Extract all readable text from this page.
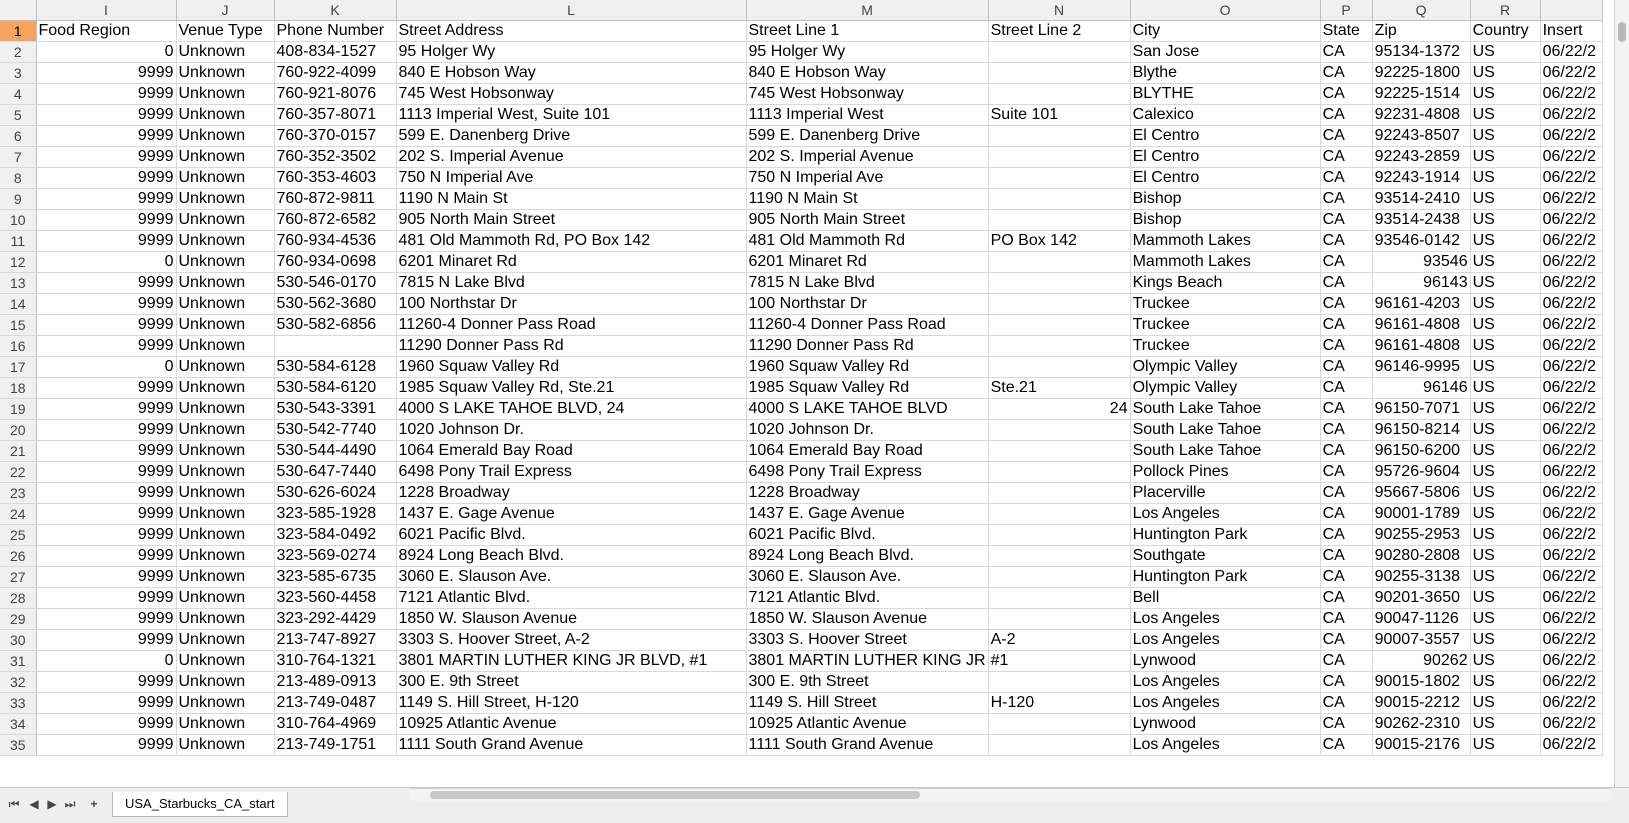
	I	J	K	L	M	N	O	P	Q	R	
1	Food Region	Venue Type	Phone Number	Street Address	Street Line 1	Street Line 2	City	State	Zip	Country	Insert
2	0	Unknown	408-834-1527	95 Holger Wy	95 Holger Wy		San Jose	CA	95134-1372	US	06/22/2
3	9999	Unknown	760-922-4099	840 E Hobson Way	840 E Hobson Way		Blythe	CA	92225-1800	US	06/22/2
4	9999	Unknown	760-921-8076	745 West Hobsonway	745 West Hobsonway		BLYTHE	CA	92225-1514	US	06/22/2
5	9999	Unknown	760-357-8071	1113 Imperial West, Suite 101	1113 Imperial West	Suite 101	Calexico	CA	92231-4808	US	06/22/2
6	9999	Unknown	760-370-0157	599 E. Danenberg Drive	599 E. Danenberg Drive		El Centro	CA	92243-8507	US	06/22/2
7	9999	Unknown	760-352-3502	202 S. Imperial Avenue	202 S. Imperial Avenue		El Centro	CA	92243-2859	US	06/22/2
8	9999	Unknown	760-353-4603	750 N Imperial Ave	750 N Imperial Ave		El Centro	CA	92243-1914	US	06/22/2
9	9999	Unknown	760-872-9811	1190 N Main St	1190 N Main St		Bishop	CA	93514-2410	US	06/22/2
10	9999	Unknown	760-872-6582	905 North Main Street	905 North Main Street		Bishop	CA	93514-2438	US	06/22/2
11	9999	Unknown	760-934-4536	481 Old Mammoth Rd, PO Box 142	481 Old Mammoth Rd	PO Box 142	Mammoth Lakes	CA	93546-0142	US	06/22/2
12	0	Unknown	760-934-0698	6201 Minaret Rd	6201 Minaret Rd		Mammoth Lakes	CA	93546	US	06/22/2
13	9999	Unknown	530-546-0170	7815 N Lake Blvd	7815 N Lake Blvd		Kings Beach	CA	96143	US	06/22/2
14	9999	Unknown	530-562-3680	100 Northstar Dr	100 Northstar Dr		Truckee	CA	96161-4203	US	06/22/2
15	9999	Unknown	530-582-6856	11260-4 Donner Pass Road	11260-4 Donner Pass Road		Truckee	CA	96161-4808	US	06/22/2
16	9999	Unknown		11290 Donner Pass Rd	11290 Donner Pass Rd		Truckee	CA	96161-4808	US	06/22/2
17	0	Unknown	530-584-6128	1960 Squaw Valley Rd	1960 Squaw Valley Rd		Olympic Valley	CA	96146-9995	US	06/22/2
18	9999	Unknown	530-584-6120	1985 Squaw Valley Rd, Ste.21	1985 Squaw Valley Rd	Ste.21	Olympic Valley	CA	96146	US	06/22/2
19	9999	Unknown	530-543-3391	4000 S LAKE TAHOE BLVD, 24	4000 S LAKE TAHOE BLVD	24	South Lake Tahoe	CA	96150-7071	US	06/22/2
20	9999	Unknown	530-542-7740	1020 Johnson Dr.	1020 Johnson Dr.		South Lake Tahoe	CA	96150-8214	US	06/22/2
21	9999	Unknown	530-544-4490	1064 Emerald Bay Road	1064 Emerald Bay Road		South Lake Tahoe	CA	96150-6200	US	06/22/2
22	9999	Unknown	530-647-7440	6498 Pony Trail Express	6498 Pony Trail Express		Pollock Pines	CA	95726-9604	US	06/22/2
23	9999	Unknown	530-626-6024	1228 Broadway	1228 Broadway		Placerville	CA	95667-5806	US	06/22/2
24	9999	Unknown	323-585-1928	1437 E. Gage Avenue	1437 E. Gage Avenue		Los Angeles	CA	90001-1789	US	06/22/2
25	9999	Unknown	323-584-0492	6021 Pacific Blvd.	6021 Pacific Blvd.		Huntington Park	CA	90255-2953	US	06/22/2
26	9999	Unknown	323-569-0274	8924 Long Beach Blvd.	8924 Long Beach Blvd.		Southgate	CA	90280-2808	US	06/22/2
27	9999	Unknown	323-585-6735	3060 E. Slauson Ave.	3060 E. Slauson Ave.		Huntington Park	CA	90255-3138	US	06/22/2
28	9999	Unknown	323-560-4458	7121 Atlantic Blvd.	7121 Atlantic Blvd.		Bell	CA	90201-3650	US	06/22/2
29	9999	Unknown	323-292-4429	1850 W. Slauson Avenue	1850 W. Slauson Avenue		Los Angeles	CA	90047-1126	US	06/22/2
30	9999	Unknown	213-747-8927	3303 S. Hoover Street, A-2	3303 S. Hoover Street	A-2	Los Angeles	CA	90007-3557	US	06/22/2
31	0	Unknown	310-764-1321	3801 MARTIN LUTHER KING JR BLVD, #1	3801 MARTIN LUTHER KING JR	#1	Lynwood	CA	90262	US	06/22/2
32	9999	Unknown	213-489-0913	300 E. 9th Street	300 E. 9th Street		Los Angeles	CA	90015-1802	US	06/22/2
33	9999	Unknown	213-749-0487	1149 S. Hill Street, H-120	1149 S. Hill Street	H-120	Los Angeles	CA	90015-2212	US	06/22/2
34	9999	Unknown	310-764-4969	10925 Atlantic Avenue	10925 Atlantic Avenue		Lynwood	CA	90262-2310	US	06/22/2
35	9999	Unknown	213-749-1751	1111 South Grand Avenue	1111 South Grand Avenue		Los Angeles	CA	90015-2176	US	06/22/2
⏮ ◀ ▶ ⏭	+	USA_Starbucks_CA_start
